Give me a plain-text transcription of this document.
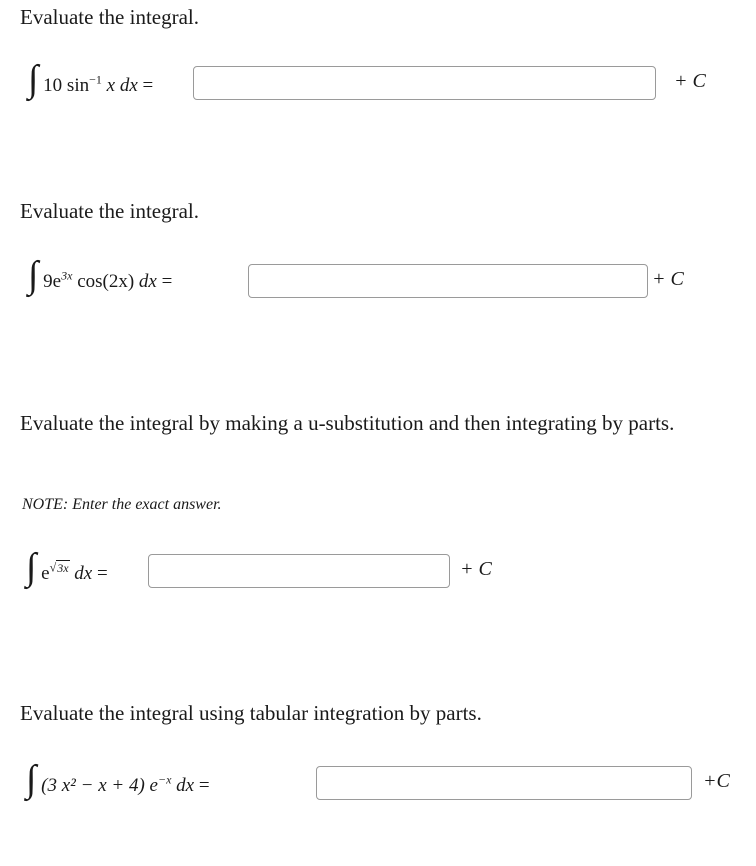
Evaluate the integral.
∫ 10 $\sin^{-1} x$ dx =	+ C
Evaluate the integral.
∫ $9e^{3x}$ cos(2x) dx =	+ C
Evaluate the integral by making a u-substitution and then integrating by parts.
NOTE: Enter the exact answer.
∫ $e^{√3x}$ dx =	+ C
Evaluate the integral using tabular integration by parts.
∫ (3 x² − x + 4) $e^{-x}$ dx =	+C
